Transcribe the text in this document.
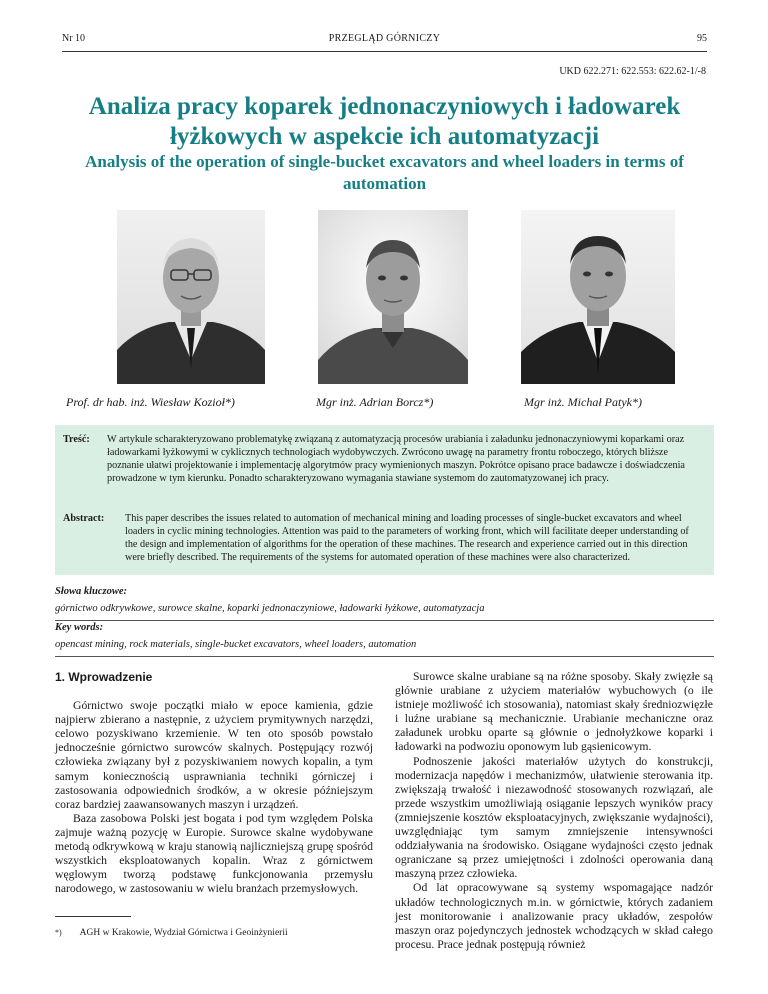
Nr 10	PRZEGLĄD GÓRNICZY	95
UKD 622.271: 622.553: 622.62-1/-8
Analiza pracy koparek jednonaczyniowych i ładowarek łyżkowych w aspekcie ich automatyzacji
Analysis of the operation of single-bucket excavators and wheel loaders in terms of automation
Prof. dr hab. inż. Wiesław Kozioł*)	Mgr inż. Adrian Borcz*)	Mgr inż. Michał Patyk*)
Treść:	W artykule scharakteryzowano problematykę związaną z automatyzacją procesów urabiania i załadunku jednonaczyniowymi koparkami oraz ładowarkami łyżkowymi w cyklicznych technologiach wydobywczych. Zwrócono uwagę na parametry frontu roboczego, których bliższe poznanie ułatwi projektowanie i implementację algorytmów pracy wymienionych maszyn. Pokrótce opisano prace badawcze i doświadczenia prowadzone w tym kierunku. Ponadto scharakteryzowano wymagania stawiane systemom do zautomatyzowanej ich pracy.
Abstract:	This paper describes the issues related to automation of mechanical mining and loading processes of single-bucket excavators and wheel loaders in cyclic mining technologies. Attention was paid to the parameters of working front, which will facilitate deeper understanding of the design and implementation of algorithms for the operation of these machines. The research and experience carried out in this direction were briefly described. The requirements of the systems for automated operation of these machines were also characterized.
Słowa kluczowe:
górnictwo odkrywkowe, surowce skalne, koparki jednonaczyniowe, ładowarki łyżkowe, automatyzacja
Key words:
opencast mining, rock materials, single-bucket excavators, wheel loaders, automation
1. Wprowadzenie

Górnictwo swoje początki miało w epoce kamienia, gdzie najpierw zbierano a następnie, z użyciem prymitywnych narzędzi, celowo pozyskiwano krzemienie. W ten oto sposób powstało jednocześnie górnictwo surowców skalnych. Postępujący rozwój człowieka związany był z pozyskiwaniem nowych kopalin, a tym samym koniecznością usprawniania techniki górniczej i zastosowania odpowiednich środków, a w okresie późniejszym coraz bardziej zaawansowanych maszyn i urządzeń.

Baza zasobowa Polski jest bogata i pod tym względem Polska zajmuje ważną pozycję w Europie. Surowce skalne wydobywane metodą odkrywkową w kraju stanowią najliczniejszą grupę spośród wszystkich eksploatowanych kopalin. Wraz z górnictwem węglowym tworzą podstawę funkcjonowania przemysłu narodowego, w zastosowaniu w wielu branżach przemysłowych.

Surowce skalne urabiane są na różne sposoby. Skały zwięzłe są głównie urabiane z użyciem materiałów wybuchowych (o ile istnieje możliwość ich stosowania), natomiast skały średniozwięzłe i luźne urabiane są mechanicznie. Urabianie mechaniczne oraz załadunek urobku oparte są głównie o jednołyżkowe koparki i ładowarki na podwoziu oponowym lub gąsienicowym.

Podnoszenie jakości materiałów użytych do konstrukcji, modernizacja napędów i mechanizmów, ułatwienie sterowania itp. zwiększają trwałość i niezawodność stosowanych rozwiązań, ale przede wszystkim umożliwiają osiąganie lepszych wyników pracy (zmniejszenie kosztów eksploatacyjnych, zwiększanie wydajności), uwzględniając tym samym zmniejszenie intensywności oddziaływania na środowisko. Osiągane wydajności często jednak ograniczane są przez umiejętności i zdolności operowania daną maszyną przez człowieka.

Od lat opracowywane są systemy wspomagające nadzór układów technologicznych m.in. w górnictwie, których zadaniem jest monitorowanie i analizowanie pracy układów, zespołów maszyn oraz pojedynczych jednostek wchodzących w skład całego procesu. Prace jednak postępują również

*) AGH w Krakowie, Wydział Górnictwa i Geoinżynierii
